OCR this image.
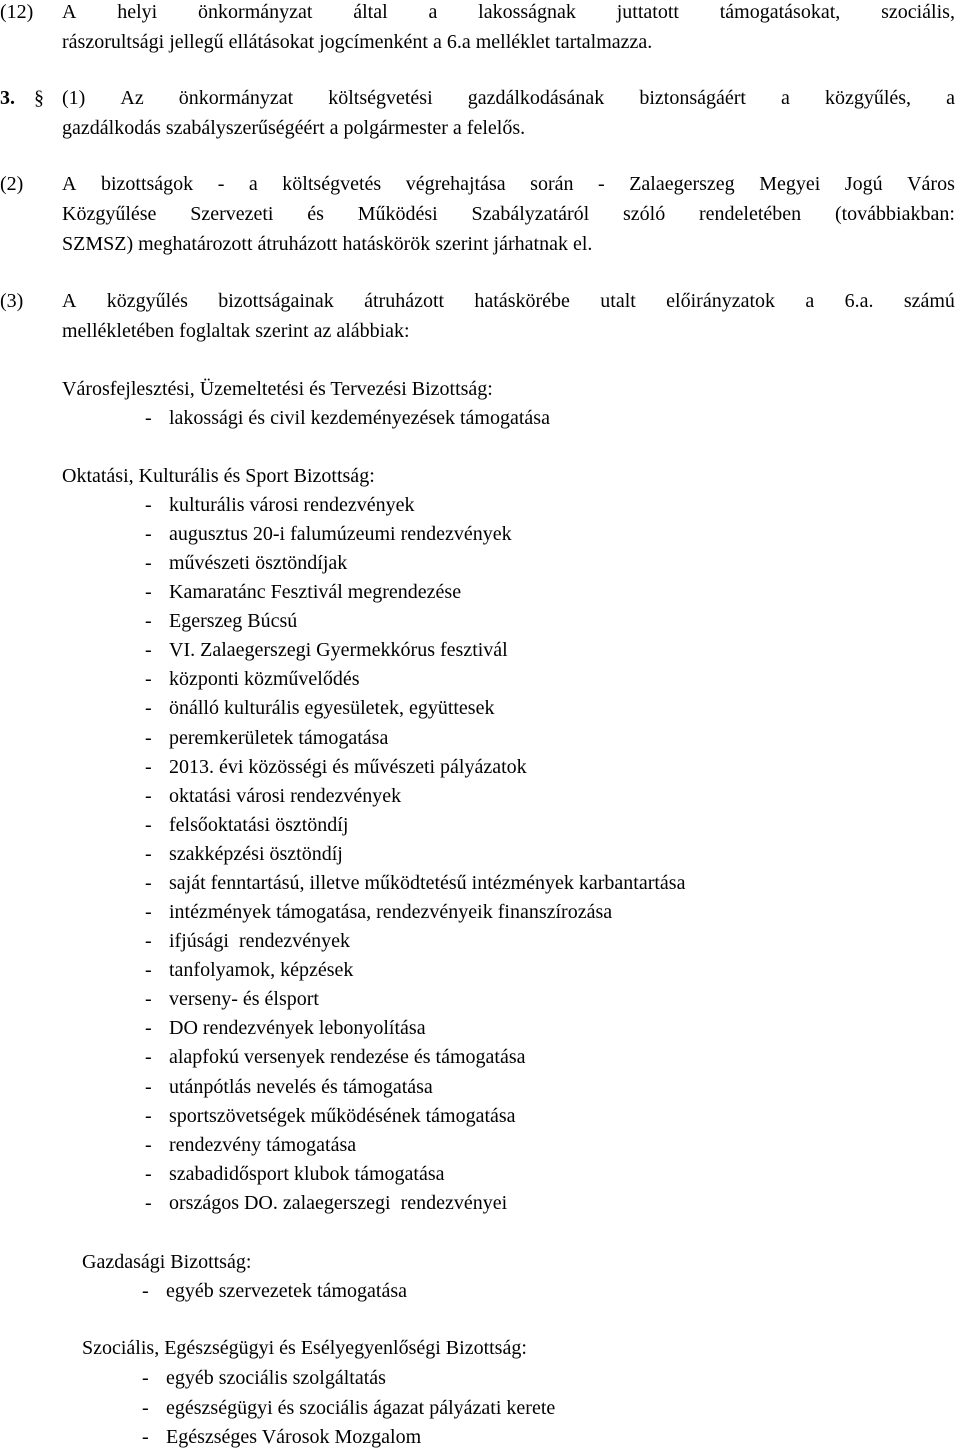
(12) A helyi önkormányzat által a lakosságnak juttatott támogatásokat, szociális,
rászorultsági jellegű ellátásokat jogcímenként a 6.a melléklet tartalmazza.
3. § (1) Az önkormányzat költségvetési gazdálkodásának biztonságáért a közgyűlés, a
gazdálkodás szabályszerűségéért a polgármester a felelős.
(2) A bizottságok - a költségvetés végrehajtása során - Zalaegerszeg Megyei Jogú Város
Közgyűlése Szervezeti és Működési Szabályzatáról szóló rendeletében (továbbiakban:
SZMSZ) meghatározott átruházott hatáskörök szerint járhatnak el.
(3) A közgyűlés bizottságainak átruházott hatáskörébe utalt előirányzatok a 6.a. számú
mellékletében foglaltak szerint az alábbiak:
Városfejlesztési, Üzemeltetési és Tervezési Bizottság:
- lakossági és civil kezdeményezések támogatása
Oktatási, Kulturális és Sport Bizottság:
- kulturális városi rendezvények
- augusztus 20-i falumúzeumi rendezvények
- művészeti ösztöndíjak
- Kamaratánc Fesztivál megrendezése
- Egerszeg Búcsú
- VI. Zalaegerszegi Gyermekkórus fesztivál
- központi közművelődés
- önálló kulturális egyesületek, együttesek
- peremkerületek támogatása
- 2013. évi közösségi és művészeti pályázatok
- oktatási városi rendezvények
- felsőoktatási ösztöndíj
- szakképzési ösztöndíj
- saját fenntartású, illetve működtetésű intézmények karbantartása
- intézmények támogatása, rendezvényeik finanszírozása
- ifjúsági  rendezvények
- tanfolyamok, képzések
- verseny- és élsport
- DO rendezvények lebonyolítása
- alapfokú versenyek rendezése és támogatása
- utánpótlás nevelés és támogatása
- sportszövetségek működésének támogatása
- rendezvény támogatása
- szabadidősport klubok támogatása
- országos DO. zalaegerszegi  rendezvényei
Gazdasági Bizottság:
- egyéb szervezetek támogatása
Szociális, Egészségügyi és Esélyegyenlőségi Bizottság:
- egyéb szociális szolgáltatás
- egészségügyi és szociális ágazat pályázati kerete
- Egészséges Városok Mozgalom
